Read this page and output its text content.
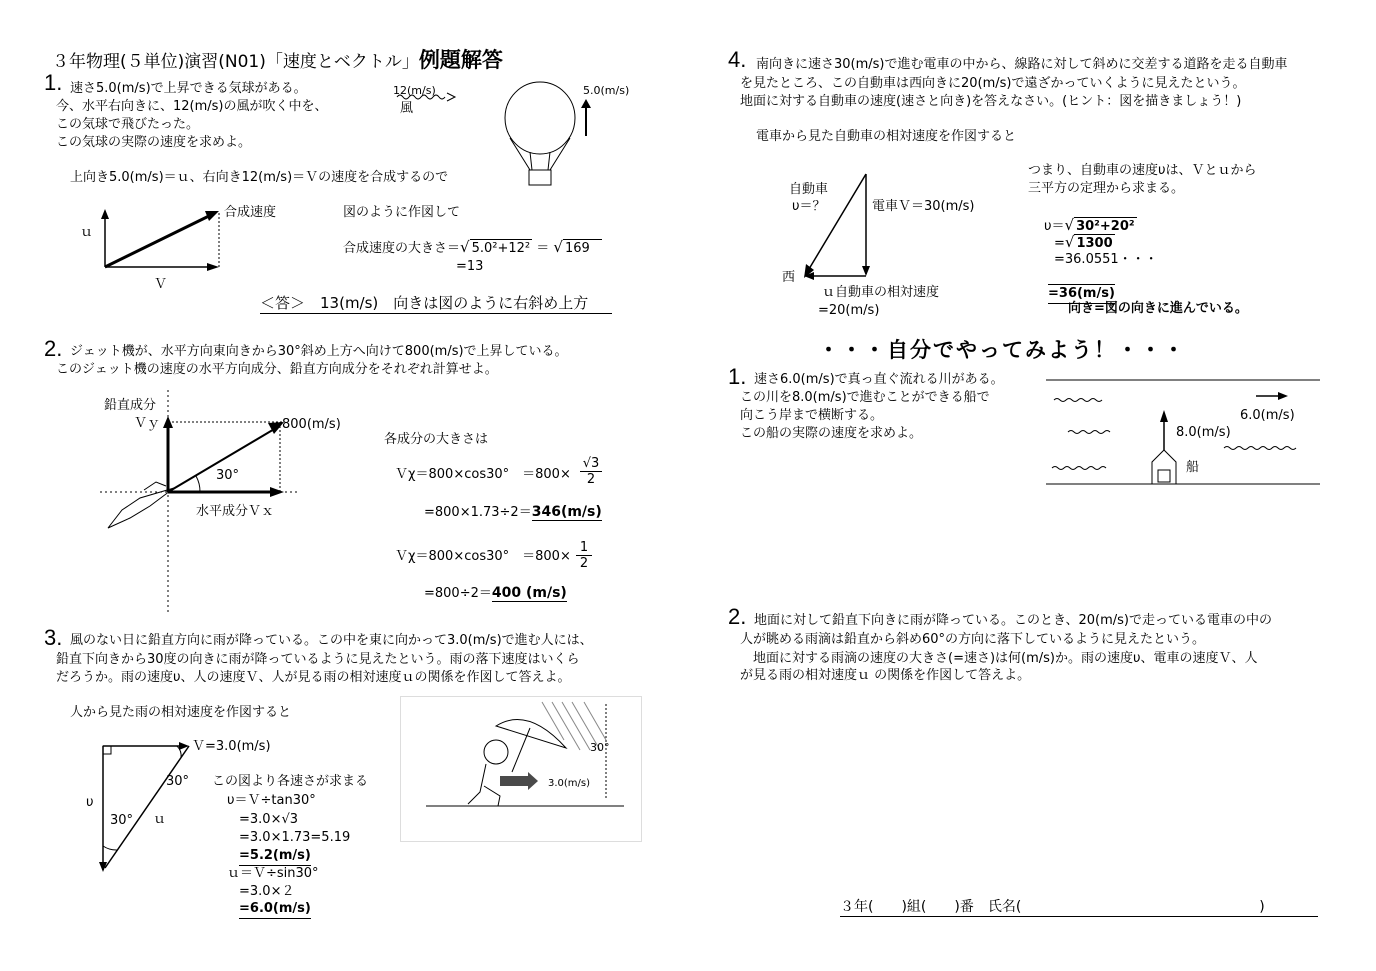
３年物理(５単位)演習(N01)「速度とベクトル」例題解答
1. 速さ5.0(m/s)で上昇できる気球がある。
今、水平右向きに、12(m/s)の風が吹く中を、
この気球で飛びたった。
この気球の実際の速度を求めよ。
12(m/s)
風
5.0(m/s)
上向き5.0(m/s)＝ｕ、右向き12(m/s)＝Ｖの速度を合成するので
ｕ
Ｖ
合成速度	図のように作図して
合成速度の大きさ＝√ 5.0²+12² ＝ √ 169
=13
＜答＞　13(m/s)　向きは図のように右斜め上方
2. ジェット機が、水平方向東向きから30°斜め上方へ向けて800(m/s)で上昇している。
このジェット機の速度の水平方向成分、鉛直方向成分をそれぞれ計算せよ。
鉛直成分
Ｖｙ	800(m/s)
30°
水平成分Ｖｘ
各成分の大きさは
Ｖχ＝800×cos30°　$=800\times \frac{√3}{2}$
=800×1.73÷2＝346(m/s)
Ｖχ＝800×cos30°　$=800\times \frac{1}{2}$
=800÷2＝400 (m/s)
3. 風のない日に鉛直方向に雨が降っている。この中を東に向かって3.0(m/s)で進む人には、
鉛直下向きから30度の向きに雨が降っているように見えたという。雨の落下速度はいくら
だろうか。雨の速度υ、人の速度Ｖ、人が見る雨の相対速度ｕの関係を作図して答えよ。
人から見た雨の相対速度を作図すると
Ｖ=3.0(m/s)
υ
ｕ
30°
30° この図より各速さが求まる
υ＝Ｖ÷tan30°
=3.0×√3
=3.0×1.73=5.19
=5.2(m/s)
ｕ＝Ｖ÷sin30°
=3.0×２
=6.0(m/s)
30°
3.0(m/s)
4. 南向きに速さ30(m/s)で進む電車の中から、線路に対して斜めに交差する道路を走る自動車
を見たところ、この自動車は西向きに20(m/s)で遠ざかっていくように見えたという。
地面に対する自動車の速度(速さと向き)を答えなさい。(ヒント：図を描きましょう！)
電車から見た自動車の相対速度を作図すると
自動車
υ＝？	電車Ｖ＝30(m/s)
西
ｕ自動車の相対速度
=20(m/s)
つまり、自動車の速度υは、Ｖとｕから
三平方の定理から求まる。
υ＝√ 30²+20²
=√ 1300
=36.0551・・・
=36(m/s)
向き=図の向きに進んでいる。
・・・自分でやってみよう！・・・
1. 速さ6.0(m/s)で真っ直ぐ流れる川がある。
この川を8.0(m/s)で進むことができる船で
向こう岸まで横断する。
この船の実際の速度を求めよ。
6.0(m/s)
8.0(m/s)
船
2. 地面に対して鉛直下向きに雨が降っている。このとき、20(m/s)で走っている電車の中の
人が眺める雨滴は鉛直から斜め60°の方向に落下しているように見えたという。
　地面に対する雨滴の速度の大きさ(=速さ)は何(m/s)か。雨の速度υ、電車の速度Ｖ、人
が見る雨の相対速度ｕ の関係を作図して答えよ。
３年(　　)組(　　)番　氏名(　　　　　　　　　　　　　　　　　)
